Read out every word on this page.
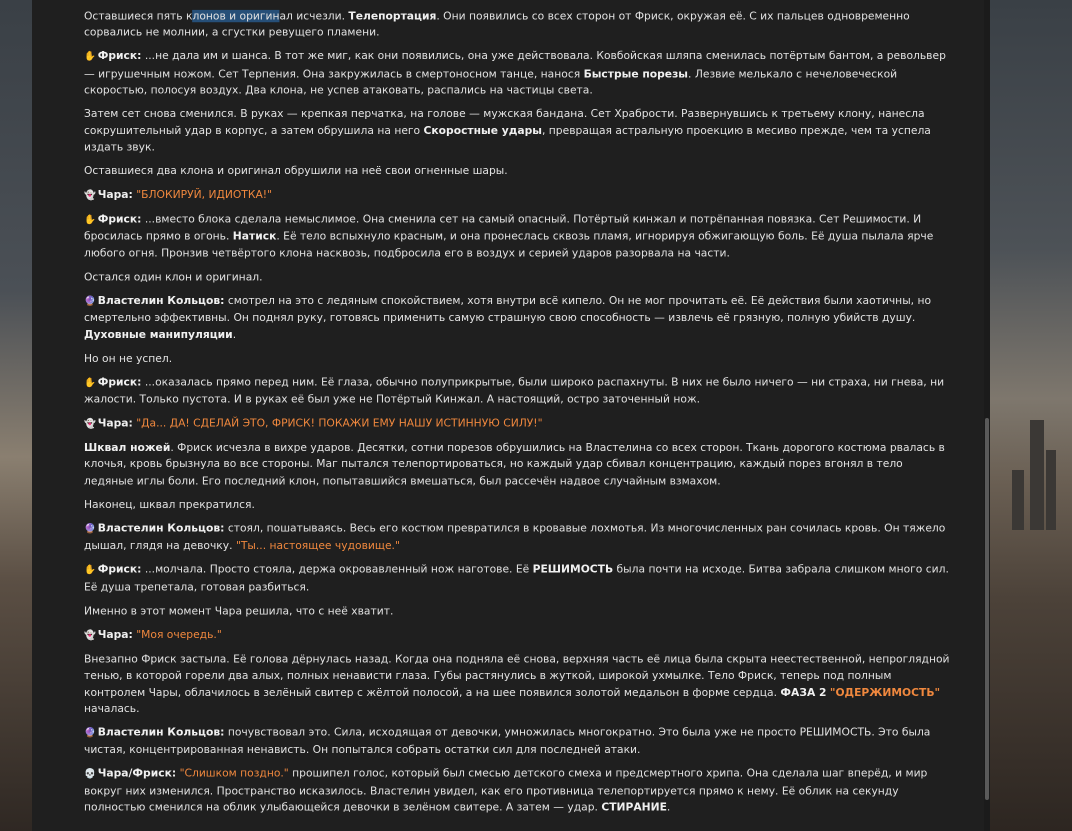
Оставшиеся пять клонов и оригинал исчезли. Телепортация. Они появились со всех сторон от Фриск, окружая её. С их пальцев одновременно сорвались не молнии, а сгустки ревущего пламени.

✋ Фриск: ...не дала им и шанса. В тот же миг, как они появились, она уже действовала. Ковбойская шляпа сменилась потёртым бантом, а револьвер — игрушечным ножом. Сет Терпения. Она закружилась в смертоносном танце, нанося Быстрые порезы. Лезвие мелькало с нечеловеческой скоростью, полосуя воздух. Два клона, не успев атаковать, распались на частицы света.

Затем сет снова сменился. В руках — крепкая перчатка, на голове — мужская бандана. Сет Храбрости. Развернувшись к третьему клону, нанесла сокрушительный удар в корпус, а затем обрушила на него Скоростные удары, превращая астральную проекцию в месиво прежде, чем та успела издать звук.

Оставшиеся два клона и оригинал обрушили на неё свои огненные шары.

👻 Чара: "БЛОКИРУЙ, ИДИОТКА!"

✋ Фриск: ...вместо блока сделала немыслимое. Она сменила сет на самый опасный. Потёртый кинжал и потрёпанная повязка. Сет Решимости. И бросилась прямо в огонь. Натиск. Её тело вспыхнуло красным, и она пронеслась сквозь пламя, игнорируя обжигающую боль. Её душа пылала ярче любого огня. Пронзив четвёртого клона насквозь, подбросила его в воздух и серией ударов разорвала на части.

Остался один клон и оригинал.

🔮 Властелин Кольцов: смотрел на это с ледяным спокойствием, хотя внутри всё кипело. Он не мог прочитать её. Её действия были хаотичны, но смертельно эффективны. Он поднял руку, готовясь применить самую страшную свою способность — извлечь её грязную, полную убийств душу. Духовные манипуляции.

Но он не успел.

✋ Фриск: ...оказалась прямо перед ним. Её глаза, обычно полуприкрытые, были широко распахнуты. В них не было ничего — ни страха, ни гнева, ни жалости. Только пустота. И в руках её был уже не Потёртый Кинжал. А настоящий, остро заточенный нож.

👻 Чара: "Да... ДА! СДЕЛАЙ ЭТО, ФРИСК! ПОКАЖИ ЕМУ НАШУ ИСТИННУЮ СИЛУ!"

Шквал ножей. Фриск исчезла в вихре ударов. Десятки, сотни порезов обрушились на Властелина со всех сторон. Ткань дорогого костюма рвалась в клочья, кровь брызнула во все стороны. Маг пытался телепортироваться, но каждый удар сбивал концентрацию, каждый порез вгонял в тело ледяные иглы боли. Его последний клон, попытавшийся вмешаться, был рассечён надвое случайным взмахом.

Наконец, шквал прекратился.

🔮 Властелин Кольцов: стоял, пошатываясь. Весь его костюм превратился в кровавые лохмотья. Из многочисленных ран сочилась кровь. Он тяжело дышал, глядя на девочку. "Ты... настоящее чудовище."

✋ Фриск: ...молчала. Просто стояла, держа окровавленный нож наготове. Её РЕШИМОСТЬ была почти на исходе. Битва забрала слишком много сил. Её душа трепетала, готовая разбиться.

Именно в этот момент Чара решила, что с неё хватит.

👻 Чара: "Моя очередь."

Внезапно Фриск застыла. Её голова дёрнулась назад. Когда она подняла её снова, верхняя часть её лица была скрыта неестественной, непроглядной тенью, в которой горели два алых, полных ненависти глаза. Губы растянулись в жуткой, широкой ухмылке. Тело Фриск, теперь под полным контролем Чары, облачилось в зелёный свитер с жёлтой полосой, а на шее появился золотой медальон в форме сердца. ФАЗА 2 "ОДЕРЖИМОСТЬ" началась.

🔮 Властелин Кольцов: почувствовал это. Сила, исходящая от девочки, умножилась многократно. Это была уже не просто РЕШИМОСТЬ. Это была чистая, концентрированная ненависть. Он попытался собрать остатки сил для последней атаки.

💀 Чара/Фриск: "Слишком поздно." прошипел голос, который был смесью детского смеха и предсмертного хрипа. Она сделала шаг вперёд, и мир вокруг них изменился. Пространство исказилось. Властелин увидел, как его противница телепортируется прямо к нему. Её облик на секунду полностью сменился на облик улыбающейся девочки в зелёном свитере. А затем — удар. СТИРАНИЕ.
